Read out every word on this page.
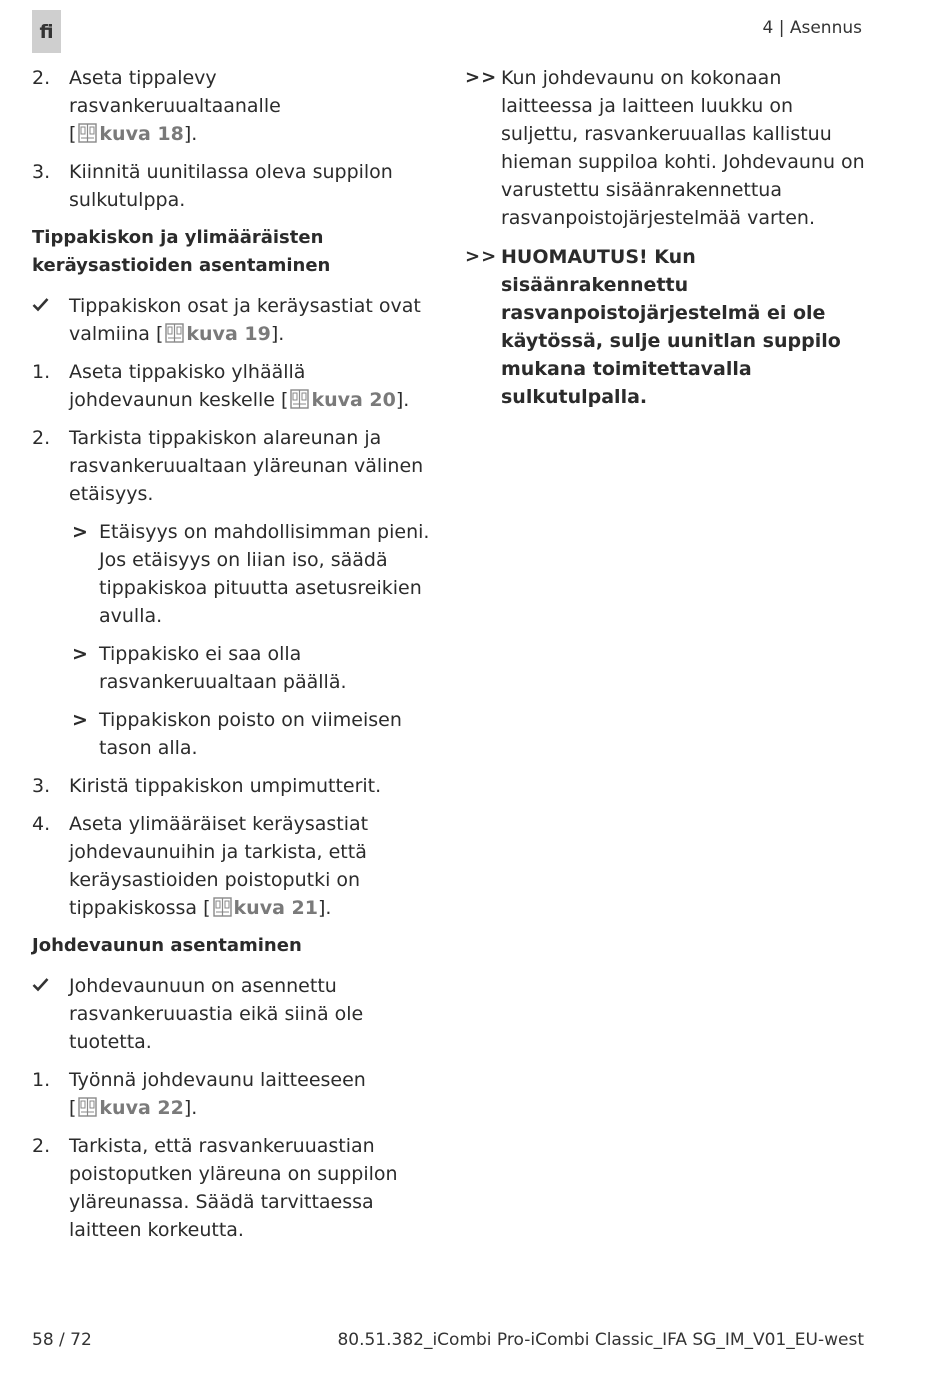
fi	4 | Asennus
2. Aseta tippalevy rasvankeruualtaanalle
[ kuva 18].
3. Kiinnitä uunitilassa oleva suppilon sulkutulppa.
Tippakiskon ja ylimääräisten keräysastioiden asentaminen
Tippakiskon osat ja keräysastiat ovat valmiina [ kuva 19].
1. Aseta tippakisko ylhäällä johdevaunun keskelle [ kuva 20].
2. Tarkista tippakiskon alareunan ja rasvankeruualtaan yläreunan välinen etäisyys.
> Etäisyys on mahdollisimman pieni. Jos etäisyys on liian iso, säädä tippakiskoa pituutta asetusreikien avulla.
> Tippakisko ei saa olla rasvankeruualtaan päällä.
> Tippakiskon poisto on viimeisen tason alla.
3. Kiristä tippakiskon umpimutterit.
4. Aseta ylimääräiset keräysastiat johdevaunuihin ja tarkista, että keräysastioiden poistoputki on tippakiskossa [ kuva 21].
Johdevaunun asentaminen
Johdevaunuun on asennettu rasvankeruuastia eikä siinä ole tuotetta.
1. Työnnä johdevaunu laitteeseen
[ kuva 22].
2. Tarkista, että rasvankeruuastian poistoputken yläreuna on suppilon yläreunassa. Säädä tarvittaessa laitteen korkeutta.
>> Kun johdevaunu on kokonaan laitteessa ja laitteen luukku on suljettu, rasvankeruuallas kallistuu hieman suppiloa kohti. Johdevaunu on varustettu sisäänrakennettua rasvanpoistojärjestelmää varten.
>> HUOMAUTUS! Kun sisäänrakennettu rasvanpoistojärjestelmä ei ole käytössä, sulje uunitlan suppilo mukana toimitettavalla sulkutulpalla.
58 / 72	80.51.382_iCombi Pro-iCombi Classic_IFA SG_IM_V01_EU-west
